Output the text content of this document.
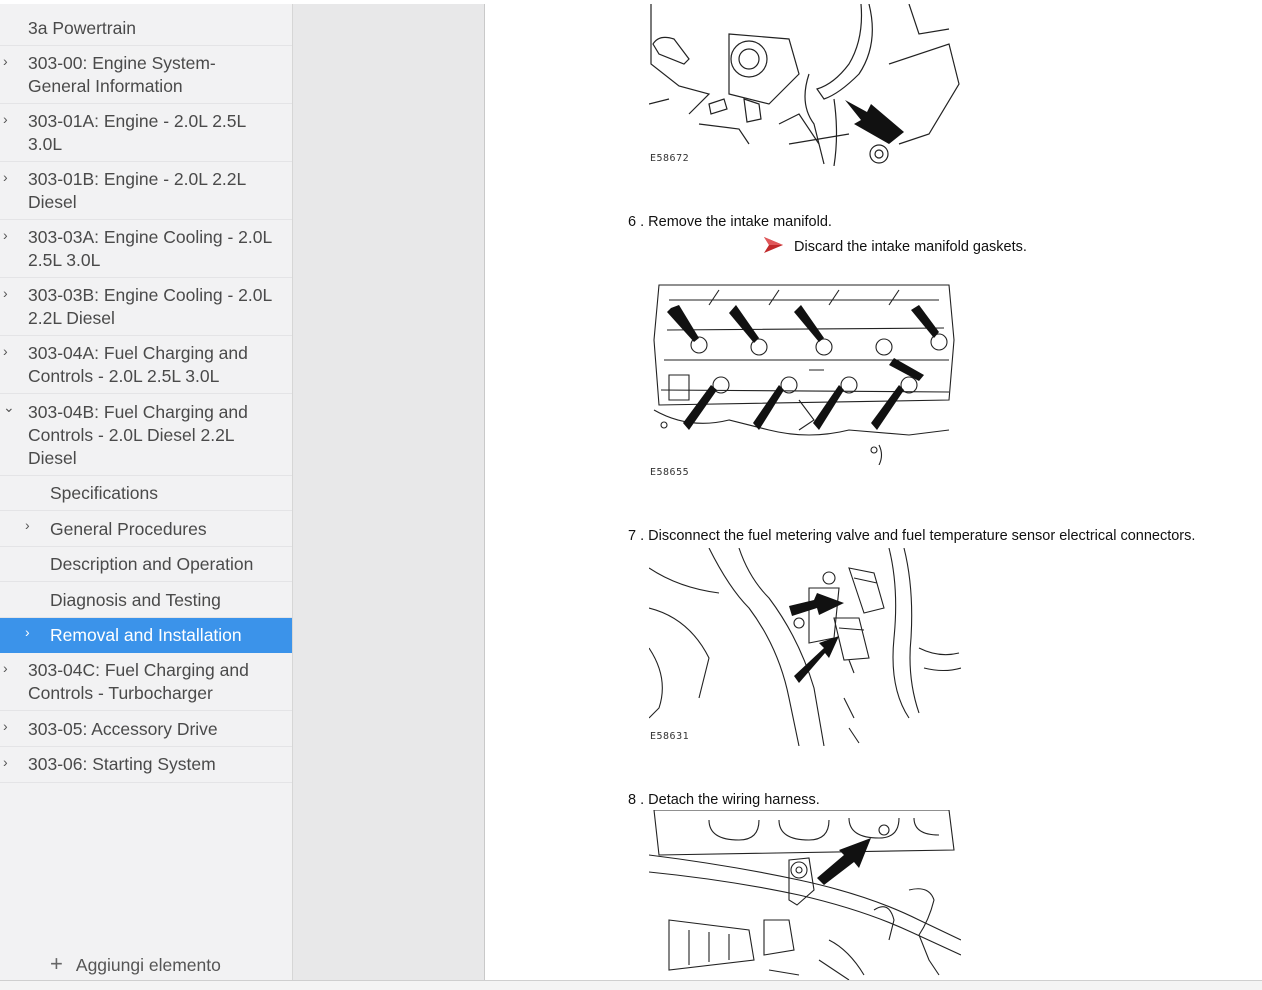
3a Powertrain
›	303-00: Engine System- General Information
›	303-01A: Engine - 2.0L 2.5L 3.0L
›	303-01B: Engine - 2.0L 2.2L Diesel
›	303-03A: Engine Cooling - 2.0L 2.5L 3.0L
›	303-03B: Engine Cooling - 2.0L 2.2L Diesel
›	303-04A: Fuel Charging and Controls - 2.0L 2.5L 3.0L
⌄ 303-04B: Fuel Charging and Controls - 2.0L Diesel 2.2L Diesel
Specifications
›	General Procedures
Description and Operation
Diagnosis and Testing
›	Removal and Installation
›	303-04C: Fuel Charging and Controls - Turbocharger
›	303-05: Accessory Drive
›	303-06: Starting System
+ Aggiungi elemento
E58672
6 . Remove the intake manifold.
Discard the intake manifold gaskets.
E58655
7 . Disconnect the fuel metering valve and fuel temperature sensor electrical connectors.
E58631
8 . Detach the wiring harness.
